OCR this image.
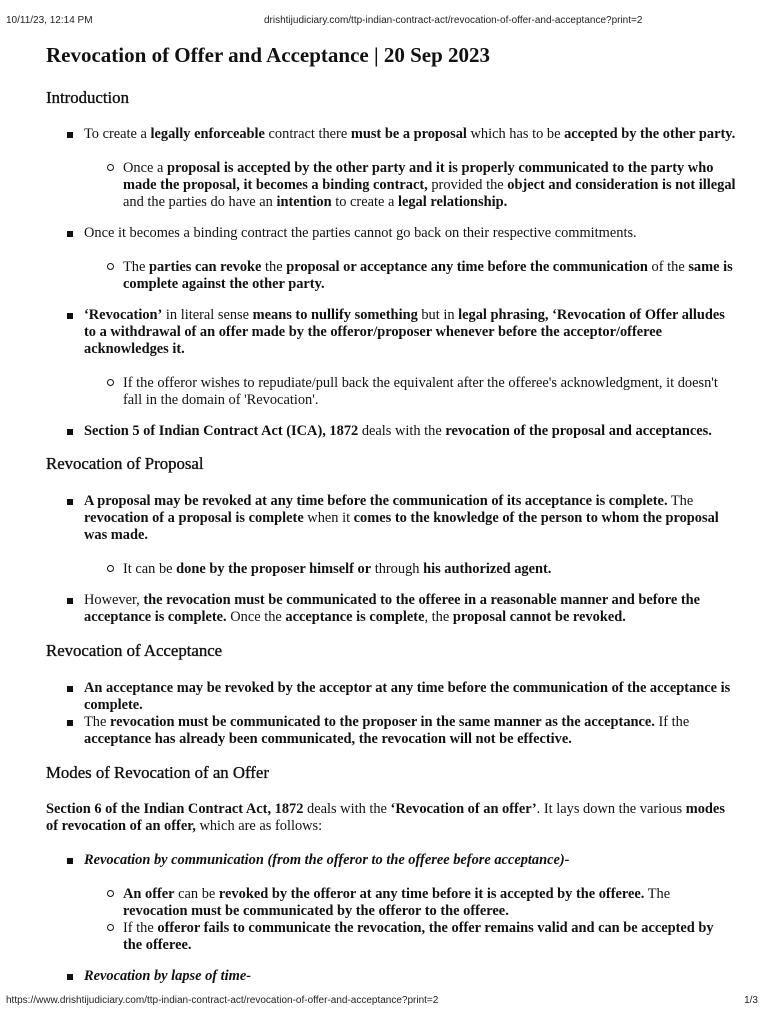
10/11/23, 12:14 PM	drishtijudiciary.com/ttp-indian-contract-act/revocation-of-offer-and-acceptance?print=2
Revocation of Offer and Acceptance | 20 Sep 2023
Introduction
To create a legally enforceable contract there must be a proposal which has to be accepted by the other party.
Once a proposal is accepted by the other party and it is properly communicated to the party who made the proposal, it becomes a binding contract, provided the object and consideration is not illegal and the parties do have an intention to create a legal relationship.
Once it becomes a binding contract the parties cannot go back on their respective commitments.
The parties can revoke the proposal or acceptance any time before the communication of the same is complete against the other party.
‘Revocation’ in literal sense means to nullify something but in legal phrasing, ‘Revocation of Offer alludes to a withdrawal of an offer made by the offeror/proposer whenever before the acceptor/offeree acknowledges it.
If the offeror wishes to repudiate/pull back the equivalent after the offeree's acknowledgment, it doesn't fall in the domain of 'Revocation'.
Section 5 of Indian Contract Act (ICA), 1872 deals with the revocation of the proposal and acceptances.
Revocation of Proposal
A proposal may be revoked at any time before the communication of its acceptance is complete. The revocation of a proposal is complete when it comes to the knowledge of the person to whom the proposal was made.
It can be done by the proposer himself or through his authorized agent.
However, the revocation must be communicated to the offeree in a reasonable manner and before the acceptance is complete. Once the acceptance is complete, the proposal cannot be revoked.
Revocation of Acceptance
An acceptance may be revoked by the acceptor at any time before the communication of the acceptance is complete.
The revocation must be communicated to the proposer in the same manner as the acceptance. If the acceptance has already been communicated, the revocation will not be effective.
Modes of Revocation of an Offer

Section 6 of the Indian Contract Act, 1872 deals with the ‘Revocation of an offer’. It lays down the various modes of revocation of an offer, which are as follows:

Revocation by communication (from the offeror to the offeree before acceptance)-
An offer can be revoked by the offeror at any time before it is accepted by the offeree. The revocation must be communicated by the offeror to the offeree.
If the offeror fails to communicate the revocation, the offer remains valid and can be accepted by the offeree.
Revocation by lapse of time-
https://www.drishtijudiciary.com/ttp-indian-contract-act/revocation-of-offer-and-acceptance?print=2	1/3
